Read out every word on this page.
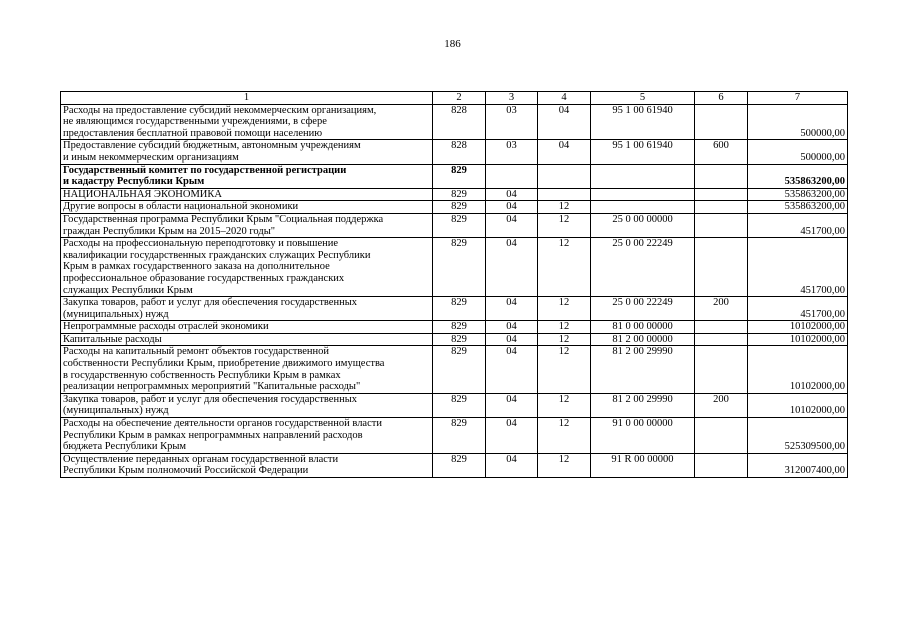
186
1	2	3	4	5	6	7
Расходы на предоставление субсидий некоммерческим организациям,
не являющимся государственными учреждениями, в сфере
предоставления бесплатной правовой помощи населению	828	03	04	95 1 00 61940		500000,00
Предоставление субсидий бюджетным, автономным учреждениям
и иным некоммерческим организациям	828	03	04	95 1 00 61940	600	500000,00
Государственный комитет по государственной регистрации
и кадастру Республики Крым	829					535863200,00
НАЦИОНАЛЬНАЯ ЭКОНОМИКА	829	04				535863200,00
Другие вопросы в области национальной экономики	829	04	12			535863200,00
Государственная программа Республики Крым "Социальная поддержка
граждан Республики Крым на 2015–2020 годы"	829	04	12	25 0 00 00000		451700,00
Расходы на профессиональную переподготовку и повышение
квалификации государственных гражданских служащих Республики
Крым в рамках государственного заказа на дополнительное
профессиональное образование государственных гражданских
служащих Республики Крым	829	04	12	25 0 00 22249		451700,00
Закупка товаров, работ и услуг для обеспечения государственных
(муниципальных) нужд	829	04	12	25 0 00 22249	200	451700,00
Непрограммные расходы отраслей экономики	829	04	12	81 0 00 00000		10102000,00
Капитальные расходы	829	04	12	81 2 00 00000		10102000,00
Расходы на капитальный ремонт объектов государственной
собственности Республики Крым, приобретение движимого имущества
в государственную собственность Республики Крым в рамках
реализации непрограммных мероприятий "Капитальные расходы"	829	04	12	81 2 00 29990		10102000,00
Закупка товаров, работ и услуг для обеспечения государственных
(муниципальных) нужд	829	04	12	81 2 00 29990	200	10102000,00
Расходы на обеспечение деятельности органов государственной власти
Республики Крым в рамках непрограммных направлений расходов
бюджета Республики Крым	829	04	12	91 0 00 00000		525309500,00
Осуществление переданных органам государственной власти
Республики Крым полномочий Российской Федерации	829	04	12	91 R 00 00000		312007400,00
